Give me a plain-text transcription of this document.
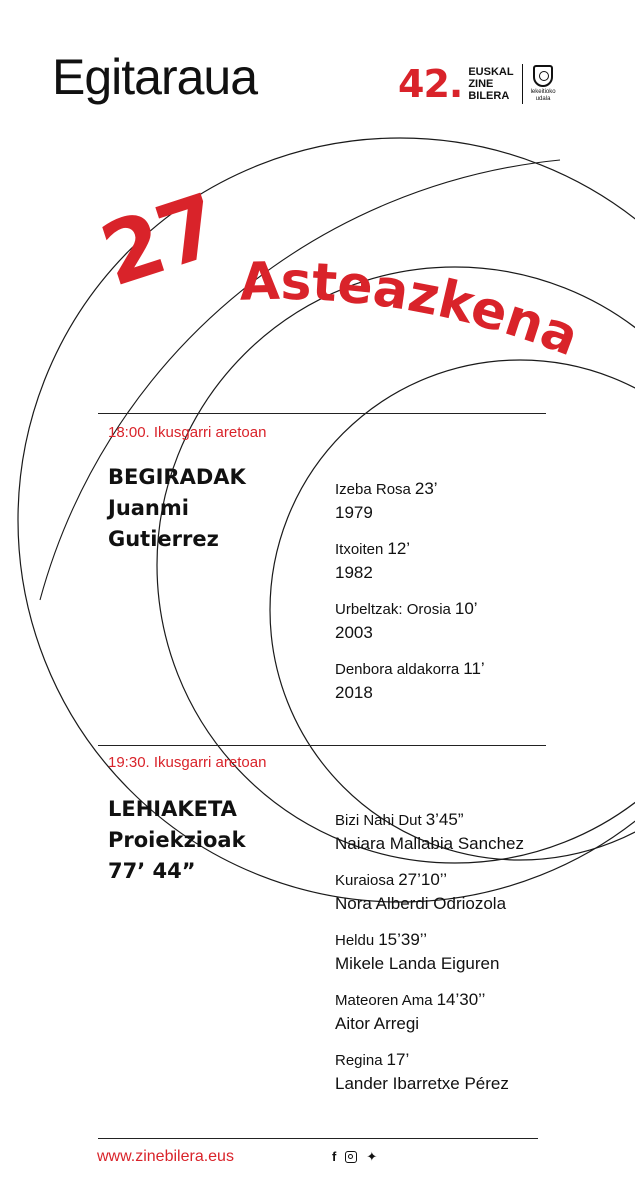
Egitaraua	42. EUSKAL
ZINE
BILERA	lekeitioko
udala
27 Asteazkena
18:00. Ikusgarri aretoan
BEGIRADAK
Juanmi
Gutierrez
Izeba Rosa 23’
1979
Itxoiten 12’
1982
Urbeltzak: Orosia 10’
2003
Denbora aldakorra 11’
2018
19:30. Ikusgarri aretoan
LEHIAKETA
Proiekzioak
77’ 44”
Bizi Nahi Dut 3’45”
Naiara Mallabia Sanchez
Kuraiosa 27’10’’
Nora Alberdi Odriozola
Heldu 15’39’’
Mikele Landa Eiguren
Mateoren Ama 14’30’’
Aitor Arregi
Regina 17’
Lander Ibarretxe Pérez
www.zinebilera.eus	f ✦
